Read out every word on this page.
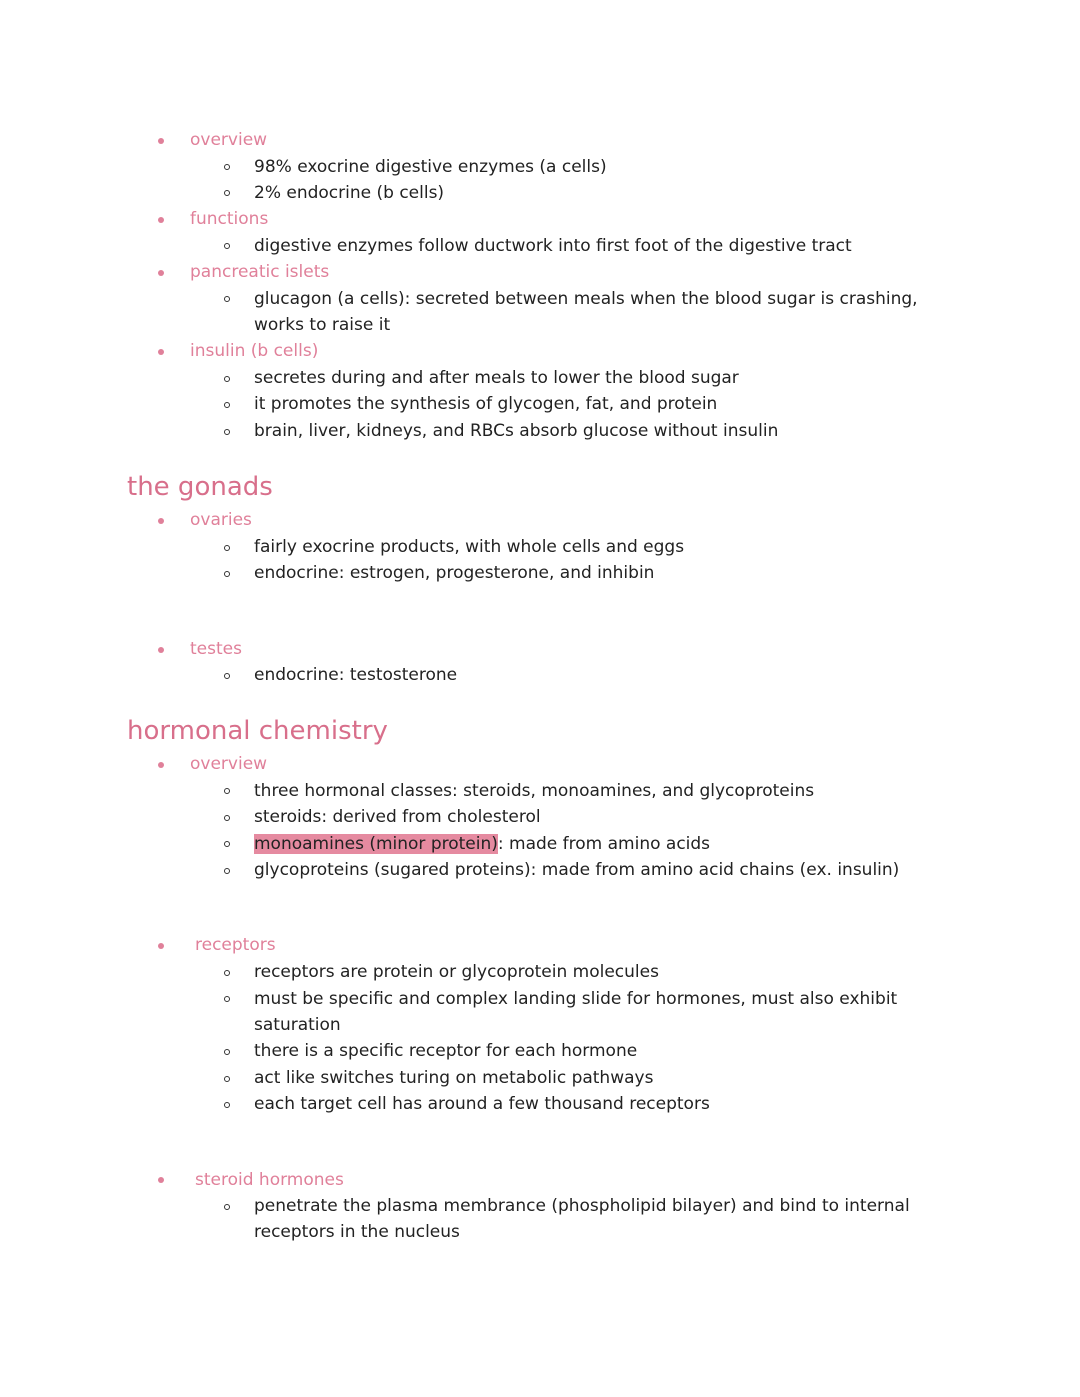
overview
98% exocrine digestive enzymes (a cells)
2% endocrine (b cells)
functions
digestive enzymes follow ductwork into first foot of the digestive tract
pancreatic islets
glucagon (a cells): secreted between meals when the blood sugar is crashing,
works to raise it
insulin (b cells)
secretes during and after meals to lower the blood sugar
it promotes the synthesis of glycogen, fat, and protein
brain, liver, kidneys, and RBCs absorb glucose without insulin
the gonads
ovaries
fairly exocrine products, with whole cells and eggs
endocrine: estrogen, progesterone, and inhibin
testes
endocrine: testosterone
hormonal chemistry
overview
three hormonal classes: steroids, monoamines, and glycoproteins
steroids: derived from cholesterol
monoamines (minor protein): made from amino acids
glycoproteins (sugared proteins): made from amino acid chains (ex. insulin)
receptors
receptors are protein or glycoprotein molecules
must be specific and complex landing slide for hormones, must also exhibit
saturation
there is a specific receptor for each hormone
act like switches turing on metabolic pathways
each target cell has around a few thousand receptors
steroid hormones
penetrate the plasma membrance (phospholipid bilayer) and bind to internal
receptors in the nucleus
